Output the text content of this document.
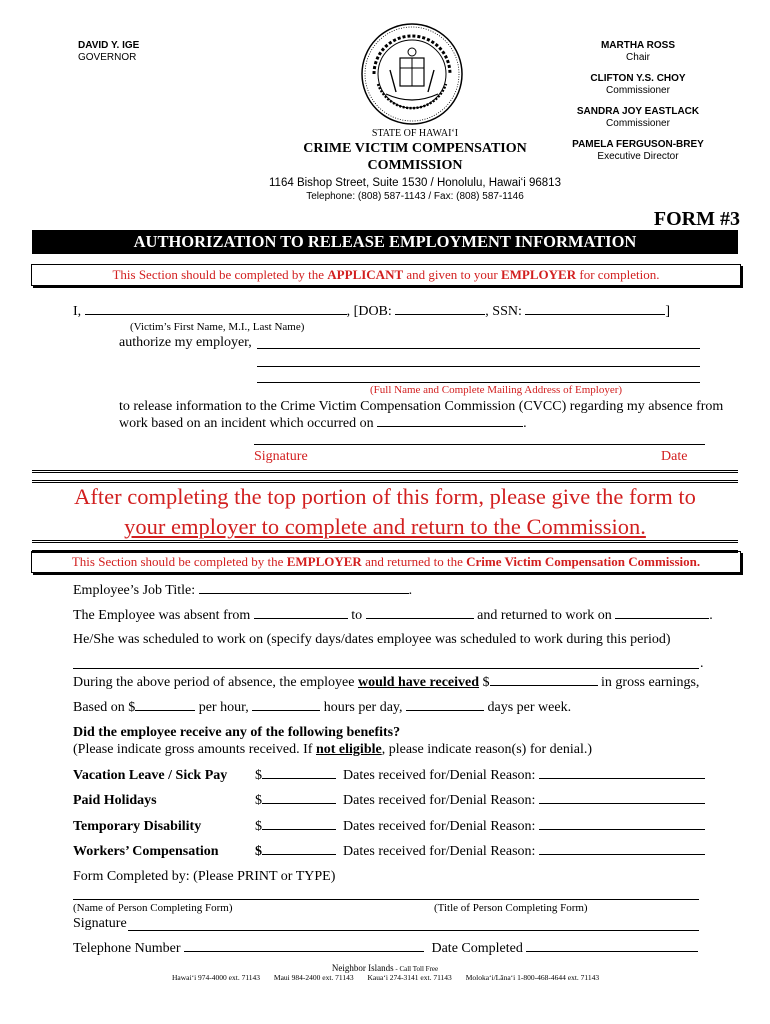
DAVID Y. IGE
GOVERNOR
MARTHA ROSS
Chair
CLIFTON Y.S. CHOY
Commissioner
SANDRA JOY EASTLACK
Commissioner
PAMELA FERGUSON-BREY
Executive Director
STATE OF HAWAI‘I
CRIME VICTIM COMPENSATION
COMMISSION
1164 Bishop Street, Suite 1530 / Honolulu, Hawai‘i 96813
Telephone: (808) 587-1143 / Fax: (808) 587-1146
FORM #3
AUTHORIZATION TO RELEASE EMPLOYMENT INFORMATION
This Section should be completed by the APPLICANT and given to your EMPLOYER for completion.
I,	, [DOB:	, SSN:	]
(Victim’s First Name, M.I., Last Name)
authorize my employer,
(Full Name and Complete Mailing Address of Employer)
to release information to the Crime Victim Compensation Commission (CVCC) regarding my absence from
work based on an incident which occurred on	.
Signature	Date
After completing the top portion of this form, please give the form to
your employer to complete and return to the Commission.
This Section should be completed by the EMPLOYER and returned to the Crime Victim Compensation Commission.
Employee’s Job Title:	.
The Employee was absent from	to	and returned to work on	.
He/She was scheduled to work on (specify days/dates employee was scheduled to work during this period)
.
During the above period of absence, the employee would have received $	in gross earnings,
Based on $	per hour,	hours per day,	days per week.
Did the employee receive any of the following benefits?
(Please indicate gross amounts received. If not eligible, please indicate reason(s) for denial.)
Vacation Leave / Sick Pay $	Dates received for/Denial Reason:
Paid Holidays	$	Dates received for/Denial Reason:
Temporary Disability	$	Dates received for/Denial Reason:
Workers’ Compensation	$	Dates received for/Denial Reason:
Form Completed by: (Please PRINT or TYPE)
(Name of Person Completing Form)	(Title of Person Completing Form)
Signature
Telephone Number	Date Completed
Neighbor Islands - Call Toll Free
Hawai‘i 974-4000 ext. 71143 Maui 984-2400 ext. 71143 Kaua‘i 274-3141 ext. 71143 Moloka‘i/Lāna‘i 1-800-468-4644 ext. 71143
